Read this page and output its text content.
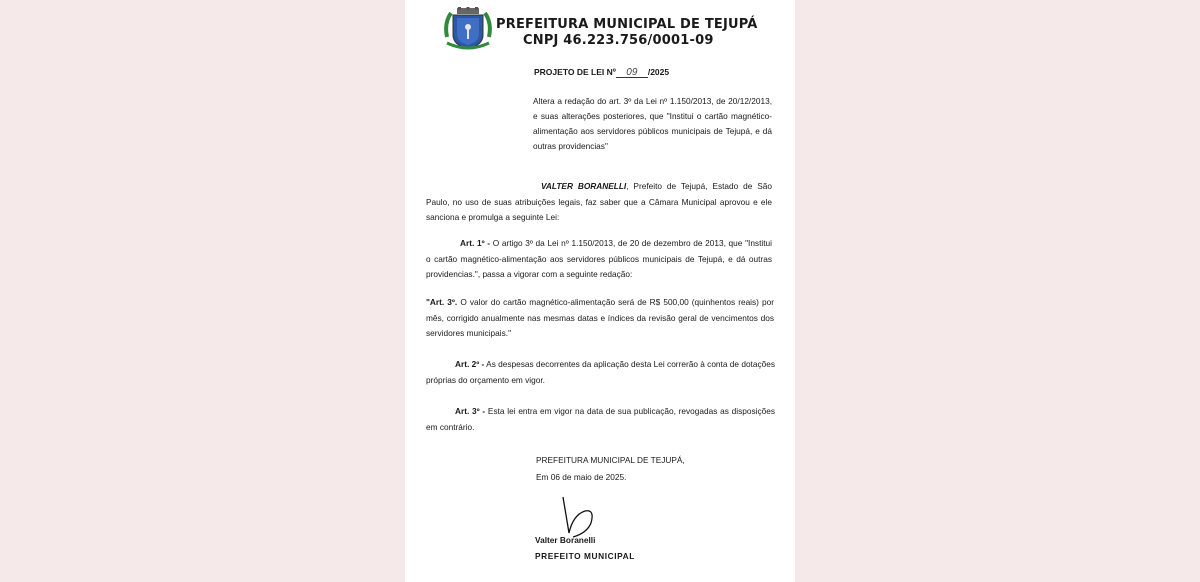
PREFEITURA MUNICIPAL DE TEJUPÁ
CNPJ 46.223.756/0001-09
PROJETO DE LEI Nº 09 /2025
Altera a redação do art. 3º da Lei nº 1.150/2013, de 20/12/2013, e suas alterações posteriores, que "Institui o cartão magnético-alimentação aos servidores públicos municipais de Tejupá, e dá outras providencias"
VALTER BORANELLI, Prefeito de Tejupá, Estado de São Paulo, no uso de suas atribuições legais, faz saber que a Câmara Municipal aprovou e ele sanciona e promulga a seguinte Lei:
Art. 1º - O artigo 3º da Lei nº 1.150/2013, de 20 de dezembro de 2013, que "Institui o cartão magnético-alimentação aos servidores públicos municipais de Tejupá, e dá outras providencias.", passa a vigorar com a seguinte redação:
"Art. 3º. O valor do cartão magnético-alimentação será de R$ 500,00 (quinhentos reais) por mês, corrigido anualmente nas mesmas datas e índices da revisão geral de vencimentos dos servidores municipais."
Art. 2º - As despesas decorrentes da aplicação desta Lei correrão à conta de dotações próprias do orçamento em vigor.
Art. 3º - Esta lei entra em vigor na data de sua publicação, revogadas as disposições em contrário.
PREFEITURA MUNICIPAL DE TEJUPÁ,
Em 06 de maio de 2025.
Valter Boranelli
PREFEITO MUNICIPAL
